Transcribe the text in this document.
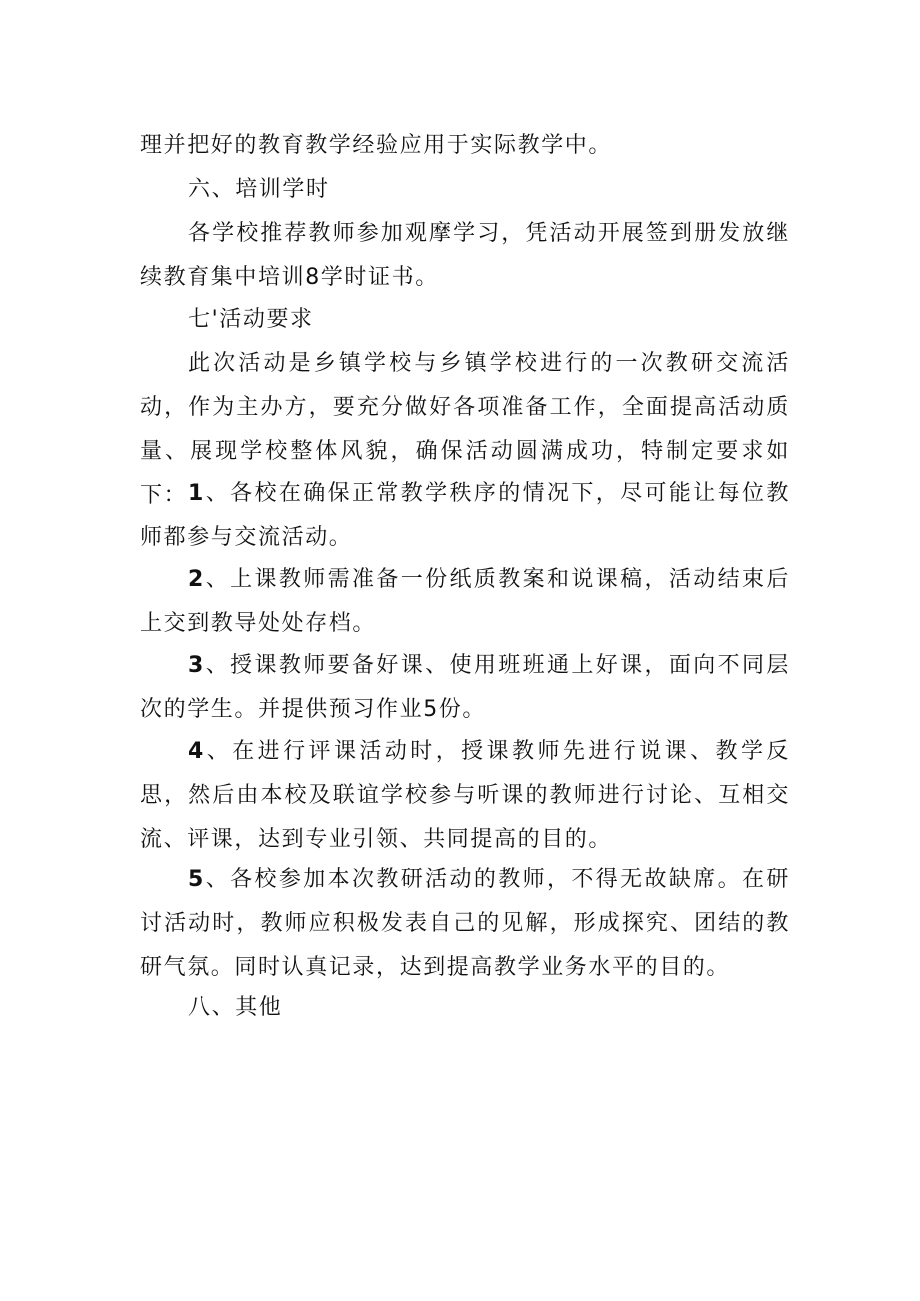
理并把好的教育教学经验应用于实际教学中。

六、培训学时

各学校推荐教师参加观摩学习，凭活动开展签到册发放继续教育集中培训8学时证书。

七'活动要求

此次活动是乡镇学校与乡镇学校进行的一次教研交流活动，作为主办方，要充分做好各项准备工作，全面提高活动质量、展现学校整体风貌，确保活动圆满成功，特制定要求如下： 1、各校在确保正常教学秩序的情况下，尽可能让每位教师都参与交流活动。

2、上课教师需准备一份纸质教案和说课稿，活动结束后上交到教导处处存档。

3、授课教师要备好课、使用班班通上好课，面向不同层次的学生。并提供预习作业5份。

4、在进行评课活动时，授课教师先进行说课、教学反思，然后由本校及联谊学校参与听课的教师进行讨论、互相交流、评课，达到专业引领、共同提高的目的。

5、各校参加本次教研活动的教师，不得无故缺席。在研讨活动时，教师应积极发表自己的见解，形成探究、团结的教研气氛。同时认真记录，达到提高教学业务水平的目的。

八、其他
